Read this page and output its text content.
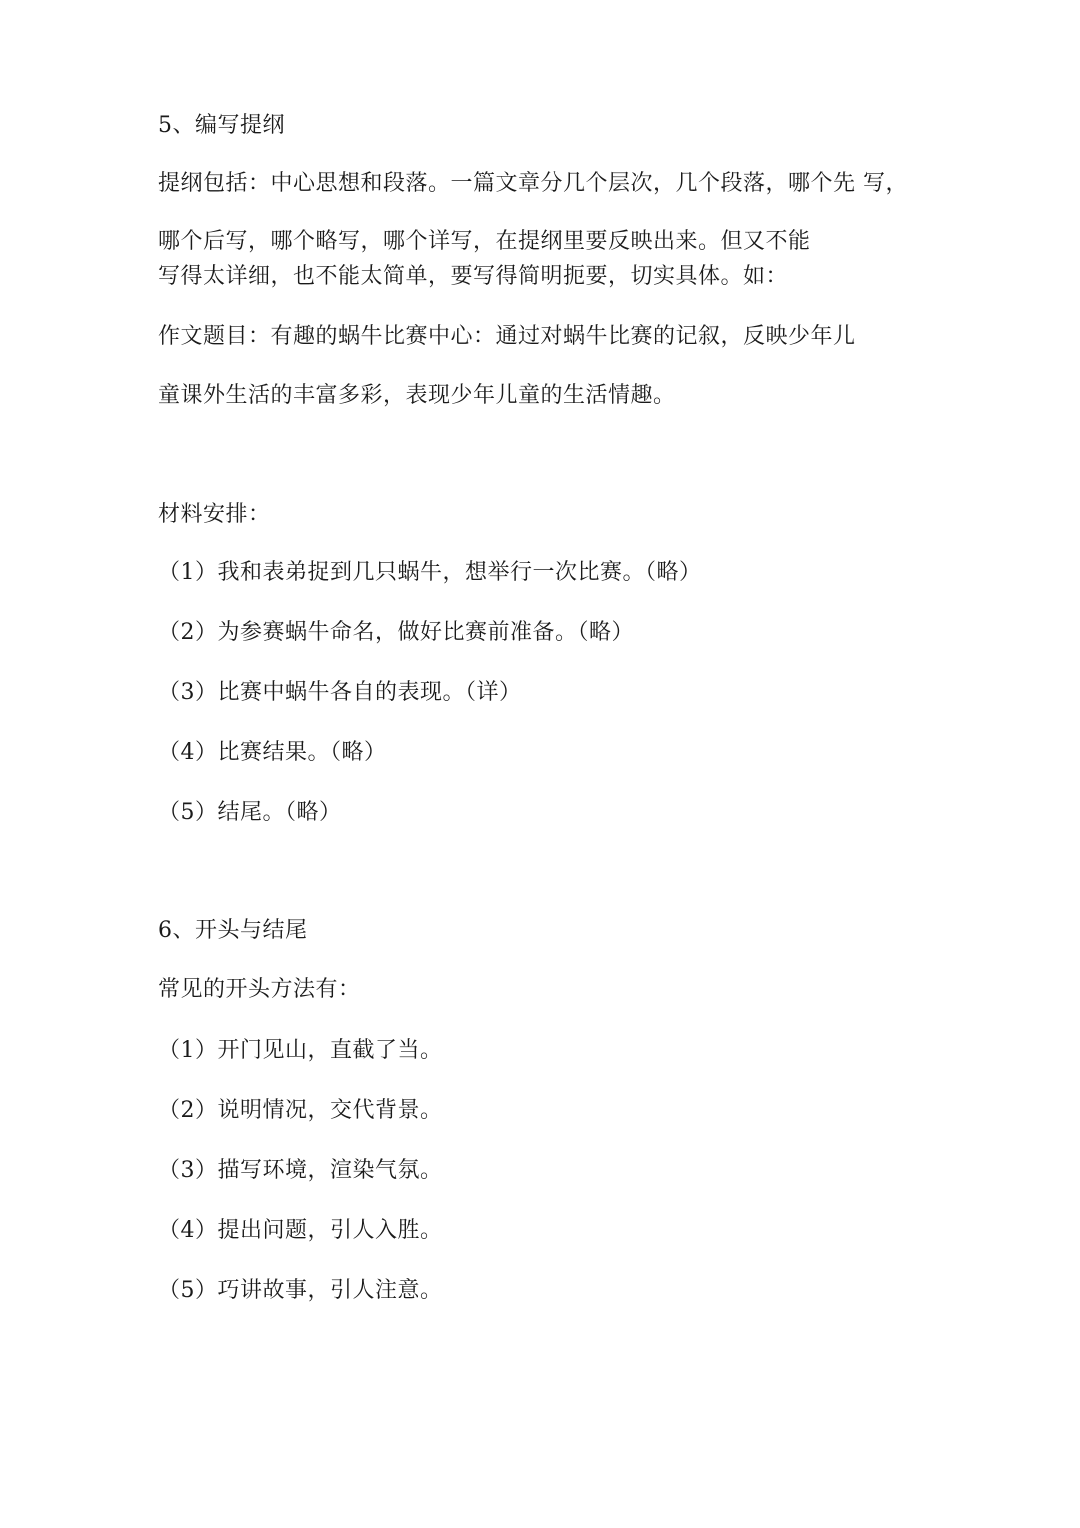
5、编写提纲
提纲包括：中心思想和段落。一篇文章分几个层次，几个段落，哪个先 写，
哪个后写，哪个略写，哪个详写，在提纲里要反映出来。但又不能
写得太详细，也不能太简单，要写得简明扼要，切实具体。如：
作文题目：有趣的蜗牛比赛中心：通过对蜗牛比赛的记叙，反映少年儿
童课外生活的丰富多彩，表现少年儿童的生活情趣。
材料安排：
（1）我和表弟捉到几只蜗牛，想举行一次比赛。（略）
（2）为参赛蜗牛命名，做好比赛前准备。（略）
（3）比赛中蜗牛各自的表现。（详）
（4）比赛结果。（略）
（5）结尾。（略）
6、开头与结尾
常见的开头方法有：
（1）开门见山，直截了当。
（2）说明情况，交代背景。
（3）描写环境，渲染气氛。
（4）提出问题，引人入胜。
（5）巧讲故事，引人注意。
